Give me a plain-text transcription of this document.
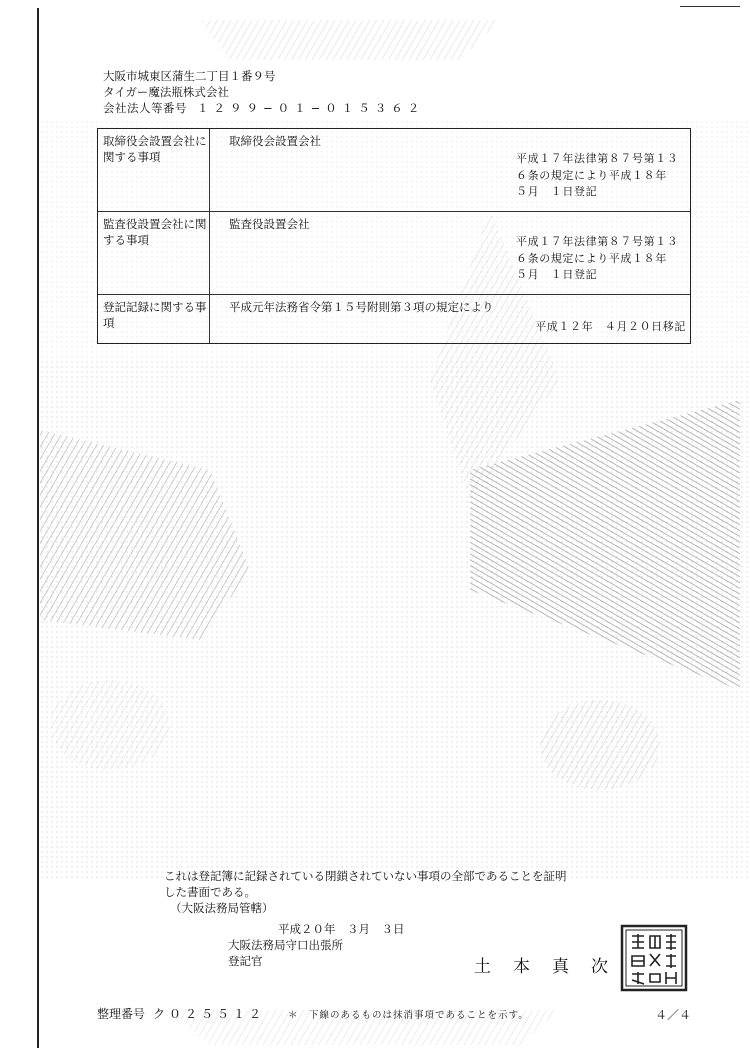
大阪市城東区蒲生二丁目１番９号
タイガー魔法瓶株式会社
会社法人等番号 １２９９−０１−０１５３６２
取締役会設置会社に関する事項
取締役会設置会社
平成１７年法律第８７号第１３６条の規定により平成１８年　５月　１日登記
監査役設置会社に関する事項
監査役設置会社
平成１７年法律第８７号第１３６条の規定により平成１８年　５月　１日登記
登記記録に関する事項
平成元年法務省令第１５号附則第３項の規定により
平成１２年　４月２０日移記
これは登記簿に記録されている閉鎖されていない事項の全部であることを証明
した書面である。
（大阪法務局管轄）
平成２０年　３月　３日
大阪法務局守口出張所
登記官	土本真次
整理番号 ク０２５５１２ ＊　下線のあるものは抹消事項であることを示す。	４／４
